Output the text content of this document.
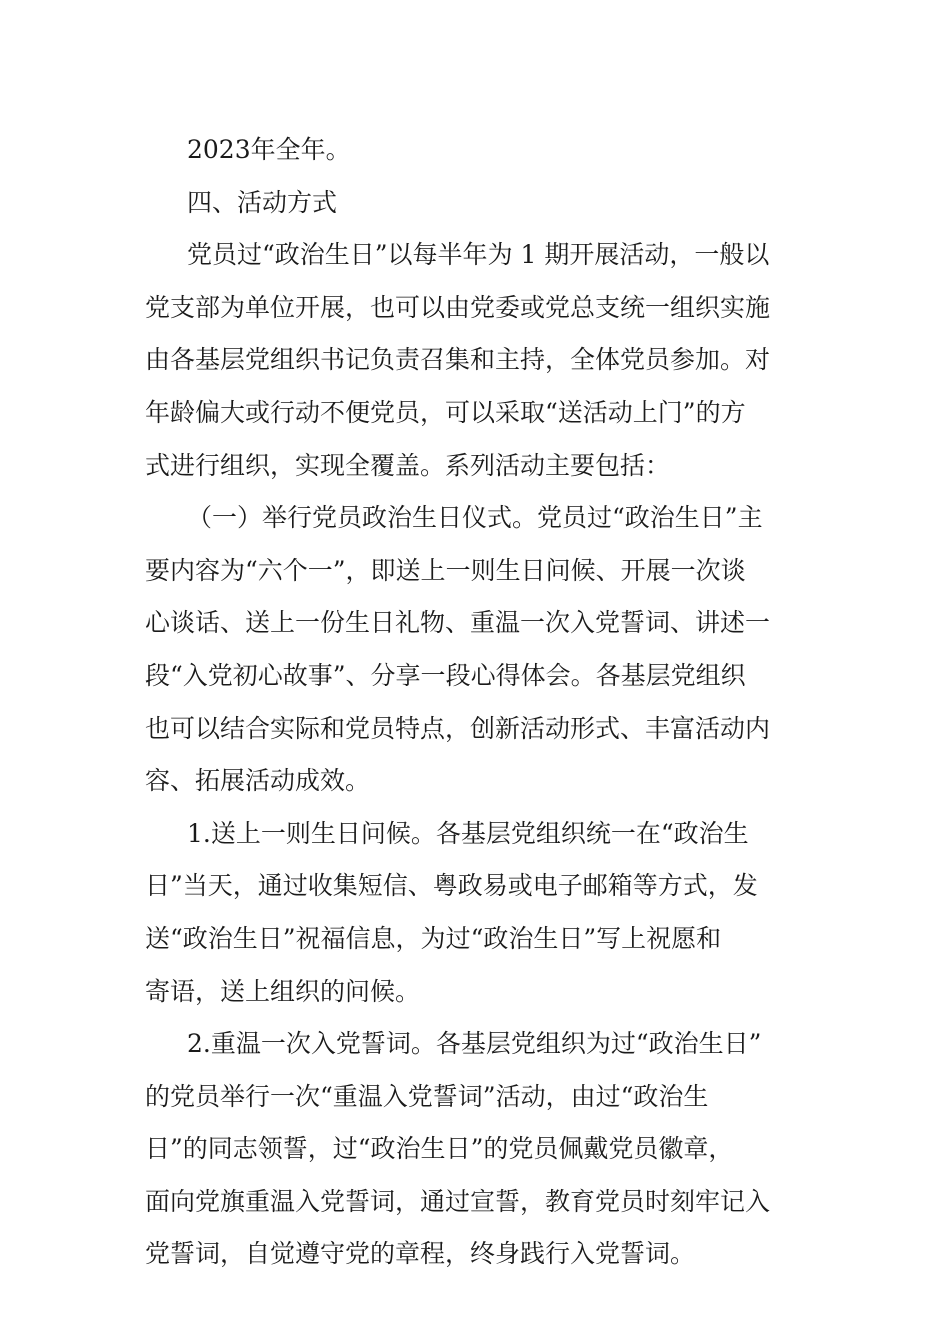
2023年全年。
四、活动方式
党员过“政治生日”以每半年为 1 期开展活动，一般以
党支部为单位开展，也可以由党委或党总支统一组织实施
由各基层党组织书记负责召集和主持，全体党员参加。对
年龄偏大或行动不便党员，可以采取“送活动上门”的方
式进行组织，实现全覆盖。系列活动主要包括：
（一）举行党员政治生日仪式。党员过“政治生日”主
要内容为“六个一”，即送上一则生日问候、开展一次谈
心谈话、送上一份生日礼物、重温一次入党誓词、讲述一
段“入党初心故事”、分享一段心得体会。各基层党组织
也可以结合实际和党员特点，创新活动形式、丰富活动内
容、拓展活动成效。
1.送上一则生日问候。各基层党组织统一在“政治生
日”当天，通过收集短信、粤政易或电子邮箱等方式，发
送“政治生日”祝福信息，为过“政治生日”写上祝愿和
寄语，送上组织的问候。
2.重温一次入党誓词。各基层党组织为过“政治生日”
的党员举行一次“重温入党誓词”活动，由过“政治生
日”的同志领誓，过“政治生日”的党员佩戴党员徽章，
面向党旗重温入党誓词，通过宣誓，教育党员时刻牢记入
党誓词，自觉遵守党的章程，终身践行入党誓词。
